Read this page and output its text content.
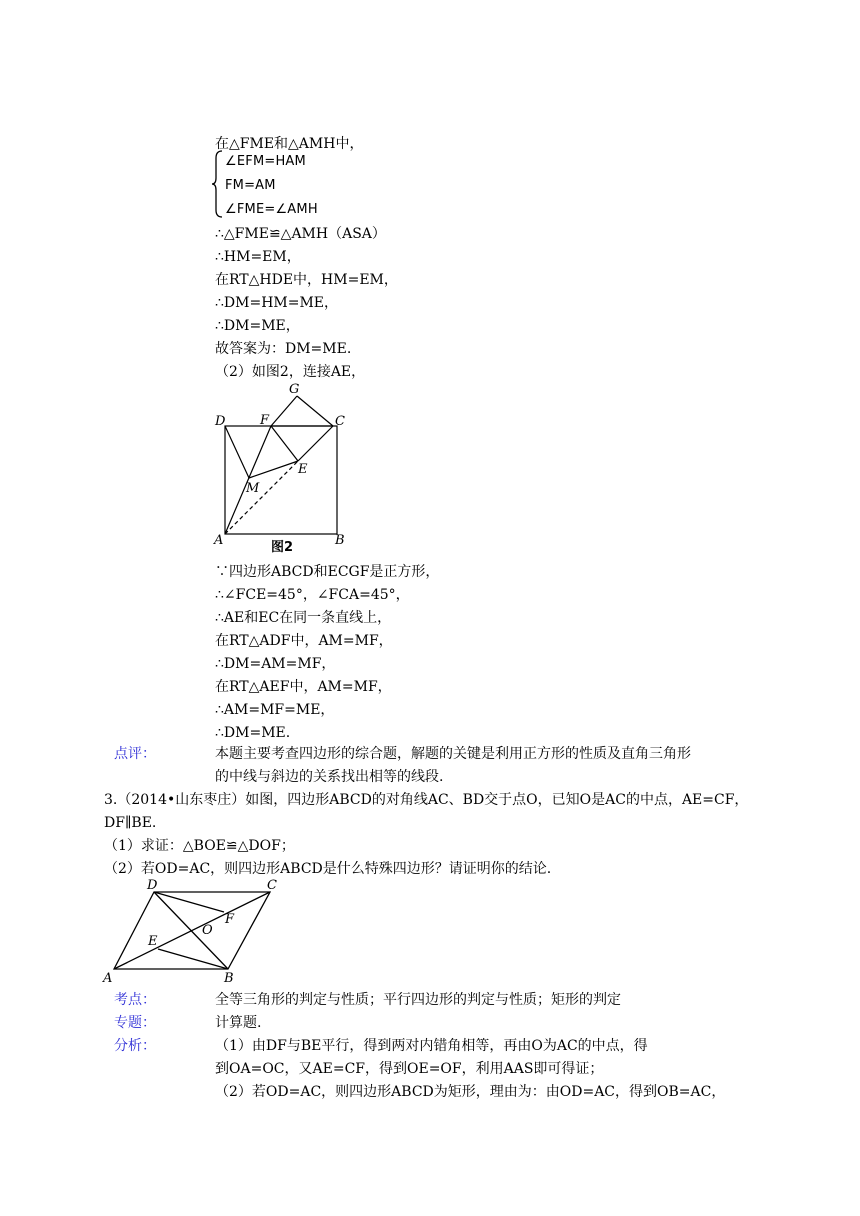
在△FME和△AMH中，
∠EFM=HAM
FM=AM
∠FME=∠AMH
∴△FME≌△AMH（ASA）
∴HM=EM，
在RT△HDE中，HM=EM，
∴DM=HM=ME，
∴DM=ME，
故答案为：DM=ME.
（2）如图2，连接AE，
G
D	F	C
E
M
A	B
图2
∵四边形ABCD和ECGF是正方形，
∴∠FCE=45°，∠FCA=45°，
∴AE和EC在同一条直线上，
在RT△ADF中，AM=MF，
∴DM=AM=MF，
在RT△AEF中，AM=MF，
∴AM=MF=ME，
∴DM=ME.
点评：	本题主要考查四边形的综合题，解题的关键是利用正方形的性质及直角三角形
的中线与斜边的关系找出相等的线段.
3.（2014•山东枣庄）如图，四边形ABCD的对角线AC、BD交于点O，已知O是AC的中点，AE=CF，
DF∥BE.
（1）求证：△BOE≌△DOF；
（2）若OD=AC，则四边形ABCD是什么特殊四边形？请证明你的结论.
D	C
F
O
E
A	B
考点：	全等三角形的判定与性质；平行四边形的判定与性质；矩形的判定
专题：	计算题.
分析：	（1）由DF与BE平行，得到两对内错角相等，再由O为AC的中点，得
到OA=OC，又AE=CF，得到OE=OF，利用AAS即可得证；
（2）若OD=AC，则四边形ABCD为矩形，理由为：由OD=AC，得到OB=AC，
